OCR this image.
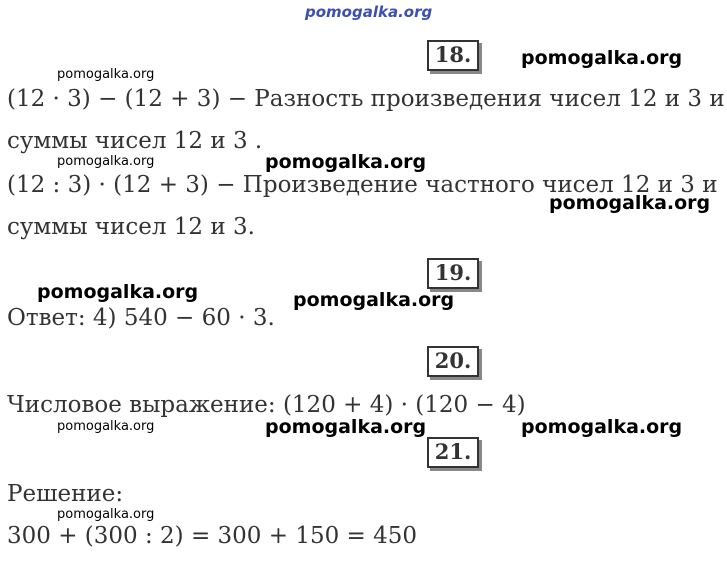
pomogalka.org
18.	pomogalka.org
pomogalka.org
(12 · 3) − (12 + 3) − Разность произведения чисел 12 и 3 и
суммы чисел 12 и 3 .
pomogalka.org	pomogalka.org
(12 : 3) · (12 + 3) − Произведение частного чисел 12 и 3 и
pomogalka.org
суммы чисел 12 и 3.
19.
pomogalka.org	pomogalka.org
Ответ: 4) 540 − 60 · 3.
20.
Числовое выражение: (120 + 4) · (120 − 4)
pomogalka.org	pomogalka.org	pomogalka.org
21.
Решение:
pomogalka.org
300 + (300 : 2) = 300 + 150 = 450
